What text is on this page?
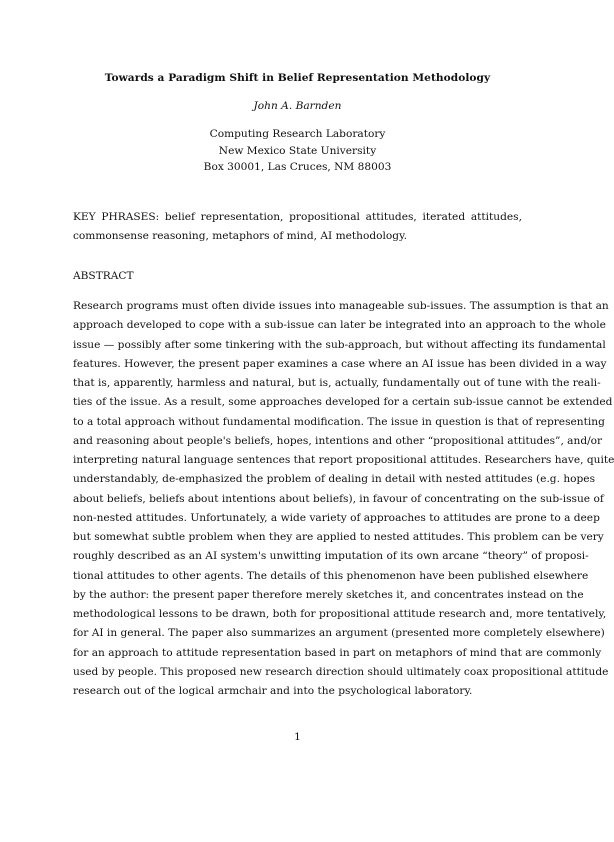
Towards a Paradigm Shift in Belief Representation Methodology
John A. Barnden
Computing Research Laboratory
New Mexico State University
Box 30001, Las Cruces, NM 88003
KEY PHRASES: belief representation, propositional attitudes, iterated attitudes, commonsense reasoning, metaphors of mind, AI methodology.
ABSTRACT
Research programs must often divide issues into manageable sub-issues. The assumption is that an
approach developed to cope with a sub-issue can later be integrated into an approach to the whole
issue — possibly after some tinkering with the sub-approach, but without affecting its fundamental
features. However, the present paper examines a case where an AI issue has been divided in a way
that is, apparently, harmless and natural, but is, actually, fundamentally out of tune with the reali-
ties of the issue. As a result, some approaches developed for a certain sub-issue cannot be extended
to a total approach without fundamental modification. The issue in question is that of representing
and reasoning about people's beliefs, hopes, intentions and other “propositional attitudes”, and/or
interpreting natural language sentences that report propositional attitudes. Researchers have, quite
understandably, de-emphasized the problem of dealing in detail with nested attitudes (e.g. hopes
about beliefs, beliefs about intentions about beliefs), in favour of concentrating on the sub-issue of
non-nested attitudes. Unfortunately, a wide variety of approaches to attitudes are prone to a deep
but somewhat subtle problem when they are applied to nested attitudes. This problem can be very
roughly described as an AI system's unwitting imputation of its own arcane “theory” of proposi-
tional attitudes to other agents. The details of this phenomenon have been published elsewhere
by the author: the present paper therefore merely sketches it, and concentrates instead on the
methodological lessons to be drawn, both for propositional attitude research and, more tentatively,
for AI in general. The paper also summarizes an argument (presented more completely elsewhere)
for an approach to attitude representation based in part on metaphors of mind that are commonly
used by people. This proposed new research direction should ultimately coax propositional attitude
research out of the logical armchair and into the psychological laboratory.
1
